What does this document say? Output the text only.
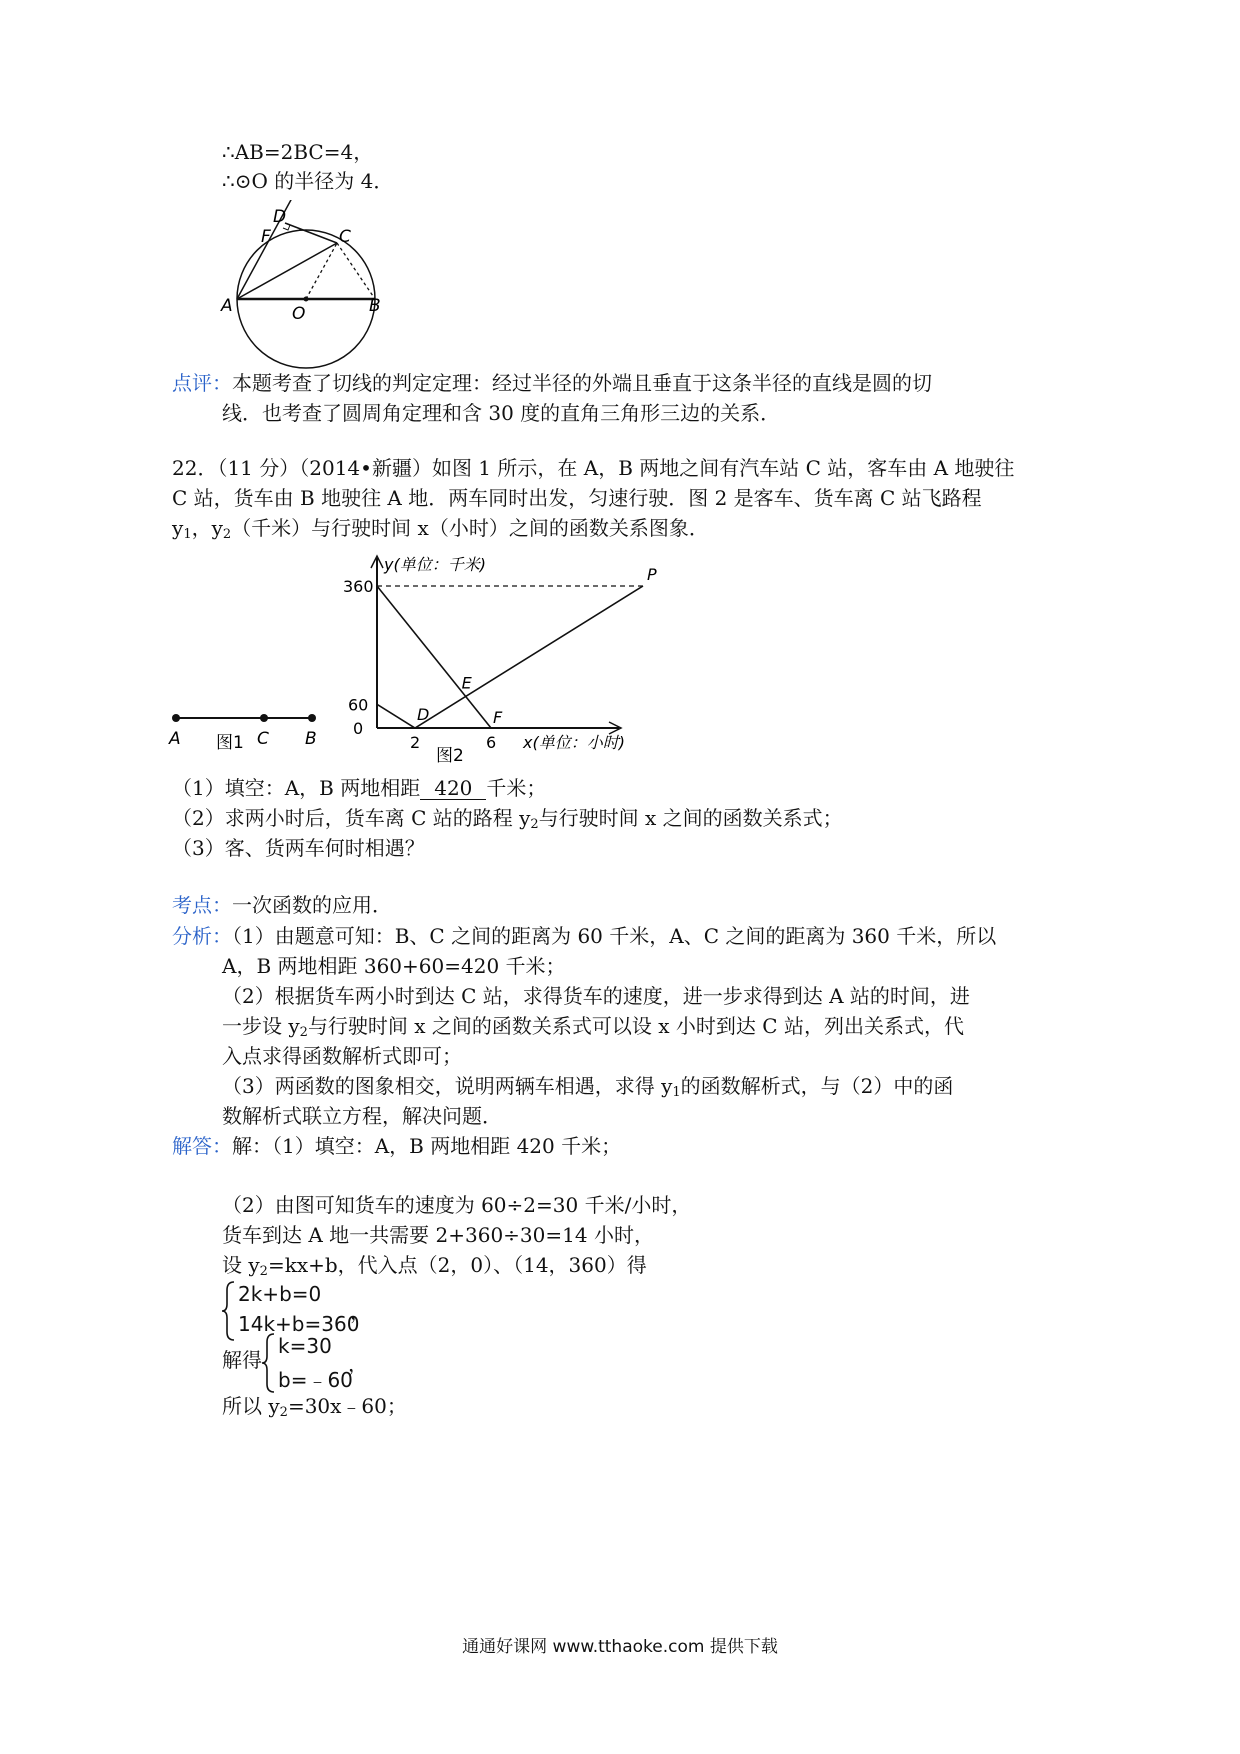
∴AB=2BC=4，
∴⊙O 的半径为 4．
D
F	C
A	O	B
点评：本题考查了切线的判定定理：经过半径的外端且垂直于这条半径的直线是圆的切
线．也考查了圆周角定理和含 30 度的直角三角形三边的关系．
22．（11 分）（2014•新疆）如图 1 所示，在 A，B 两地之间有汽车站 C 站，客车由 A 地驶往
C 站，货车由 B 地驶往 A 地．两车同时出发，匀速行驶．图 2 是客车、货车离 C 站飞路程
$y_1$，$y_2$（千米）与行驶时间 x（小时）之间的函数关系图象．
A	C B
图1
y(单位：千米)
x(单位：小时)
图2
360
60
0
2	6
D	F
P
E
（1）填空：A，B 两地相距 420 千米；
（2）求两小时后，货车离 C 站的路程 $y_2$与行驶时间 x 之间的函数关系式；
（3）客、货两车何时相遇？
考点：一次函数的应用．
分析：（1）由题意可知：B、C 之间的距离为 60 千米，A、C 之间的距离为 360 千米，所以
A，B 两地相距 360+60=420 千米；
（2）根据货车两小时到达 C 站，求得货车的速度，进一步求得到达 A 站的时间，进
一步设 $y_2$与行驶时间 x 之间的函数关系式可以设 x 小时到达 C 站，列出关系式，代
入点求得函数解析式即可；
（3）两函数的图象相交，说明两辆车相遇，求得 $y_1$的函数解析式，与（2）中的函
数解析式联立方程，解决问题．
解答：解：（1）填空：A，B 两地相距 420 千米；
（2）由图可知货车的速度为 60÷2=30 千米/小时，
货车到达 A 地一共需要 2+360÷30=14 小时，
设 $y_2=kx+b$，代入点（2，0）、（14，360）得
2k+b=0
14k+b=360
，
解得
k=30
b=﹣60
，
所以 $y_2=30x﹣60$；
通通好课网 www.tthaoke.com 提供下载
